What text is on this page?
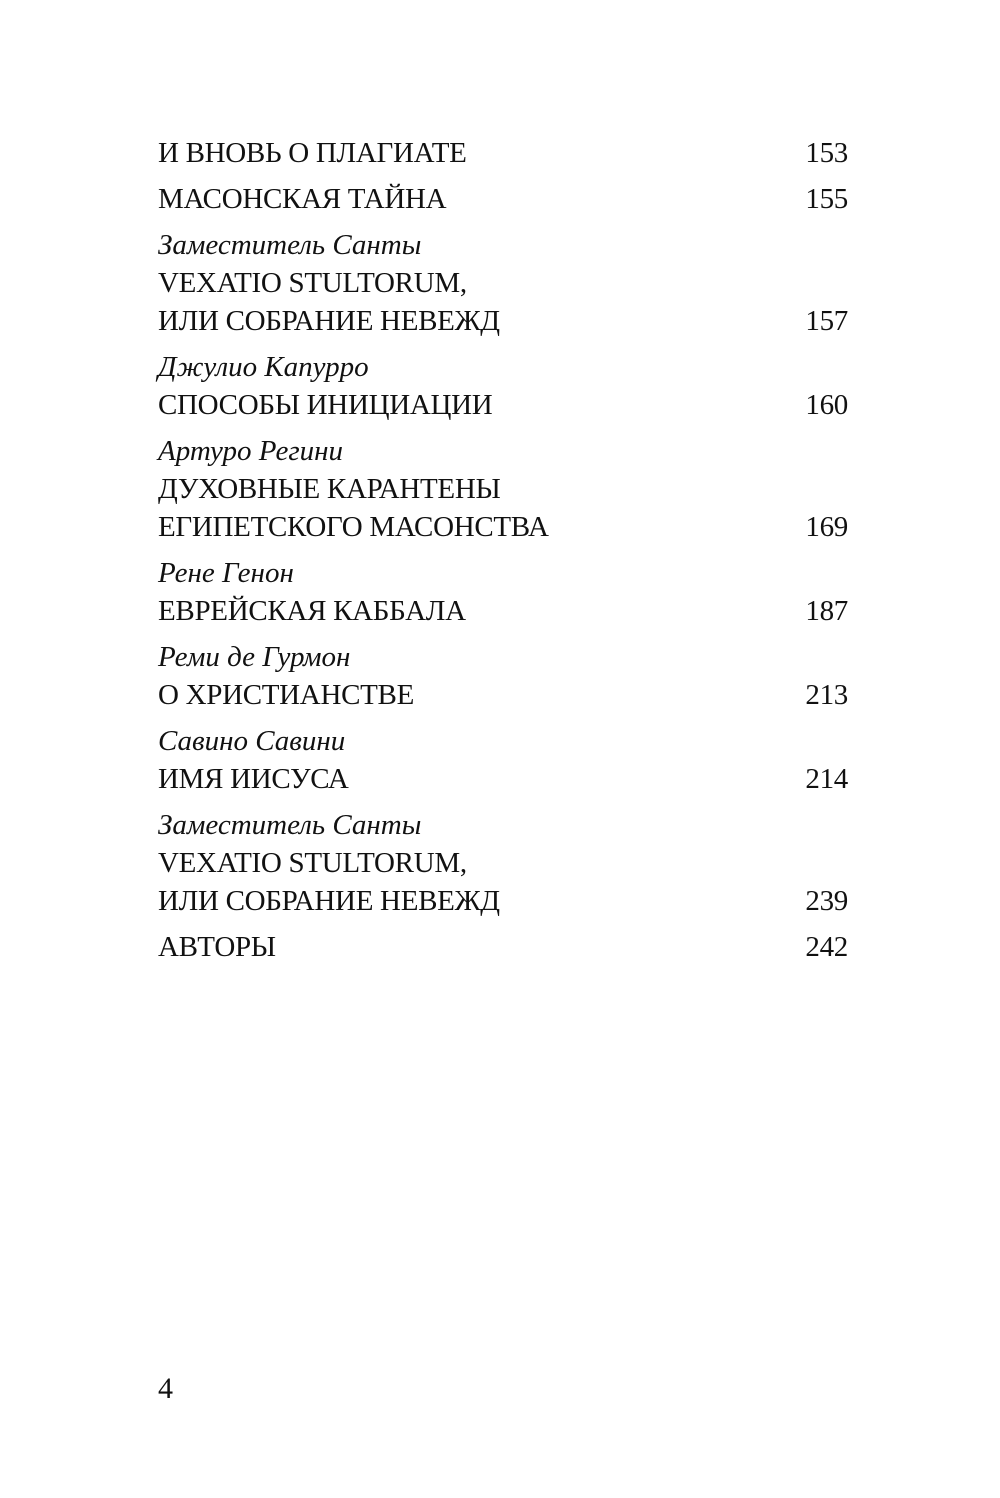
И ВНОВЬ О ПЛАГИАТЕ	153
МАСОНСКАЯ ТАЙНА	155
Заместитель Санты
VEXATIO STULTORUM,
ИЛИ СОБРАНИЕ НЕВЕЖД	157
Джулио Капурро
СПОСОБЫ ИНИЦИАЦИИ	160
Артуро Регини
ДУХОВНЫЕ КАРАНТЕНЫ
ЕГИПЕТСКОГО МАСОНСТВА	169
Рене Генон
ЕВРЕЙСКАЯ КАББАЛА	187
Реми де Гурмон
О ХРИСТИАНСТВЕ	213
Савино Савини
ИМЯ ИИСУСА	214
Заместитель Санты
VEXATIO STULTORUM,
ИЛИ СОБРАНИЕ НЕВЕЖД	239
АВТОРЫ	242
4
